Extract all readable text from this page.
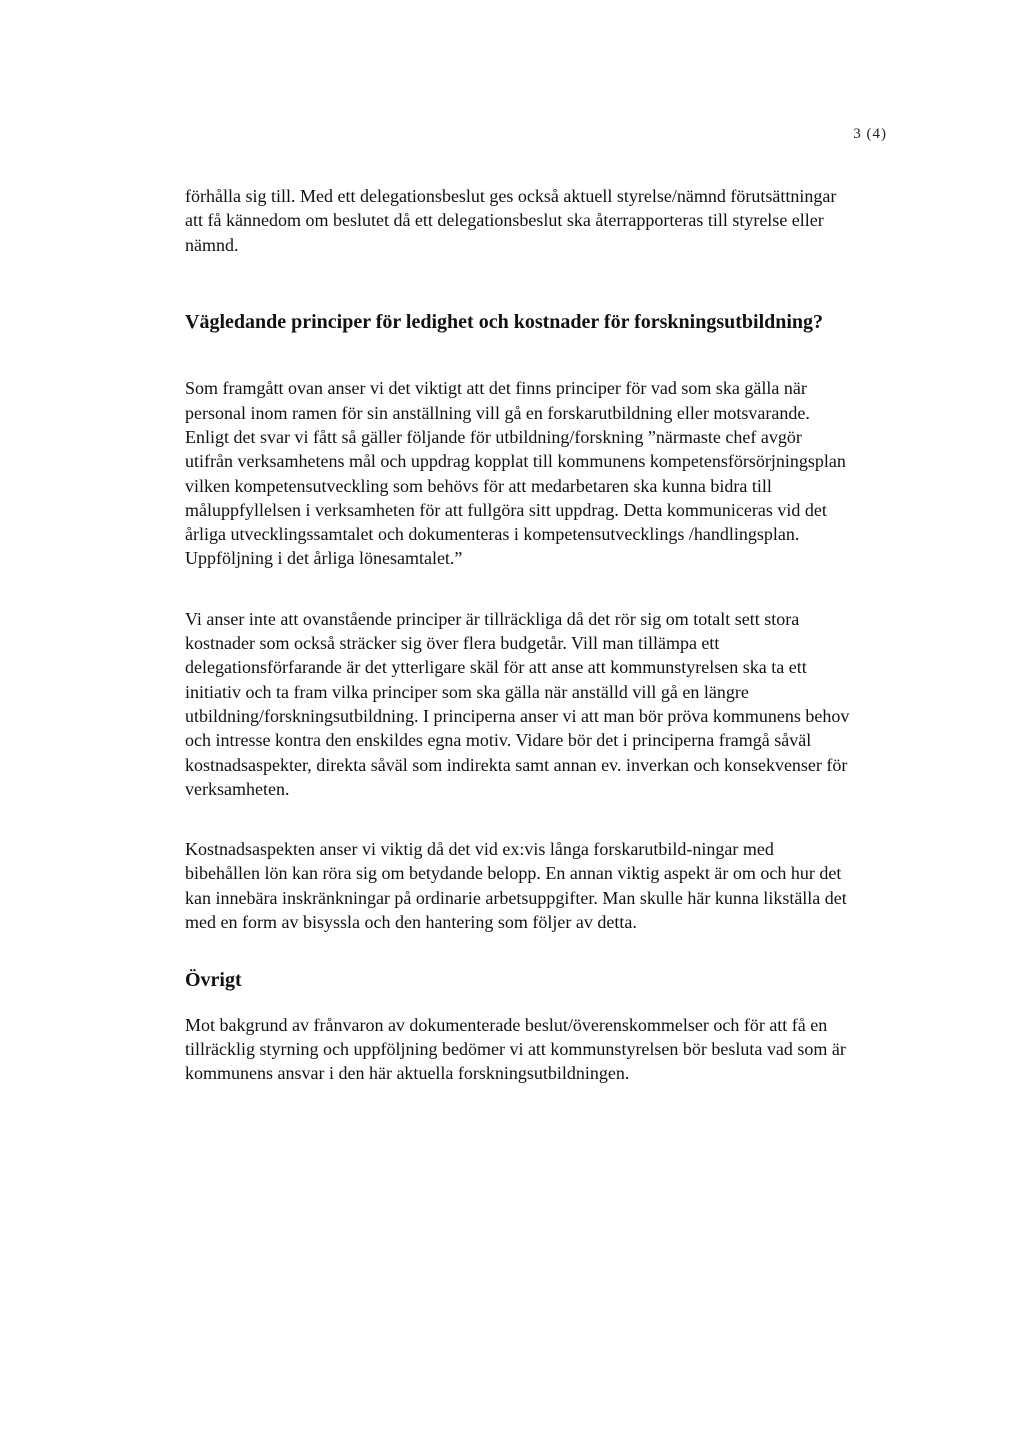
3 (4)

förhålla sig till. Med ett delegationsbeslut ges också aktuell styrelse/nämnd förutsättningar att få kännedom om beslutet då ett delegationsbeslut ska återrapporteras till styrelse eller nämnd.

Vägledande principer för ledighet och kostnader för forskningsutbildning?

Som framgått ovan anser vi det viktigt att det finns principer för vad som ska gälla när personal inom ramen för sin anställning vill gå en forskarutbildning eller motsvarande. Enligt det svar vi fått så gäller följande för utbildning/forskning ”närmaste chef avgör utifrån verksamhetens mål och uppdrag kopplat till kommunens kompetensförsörjningsplan vilken kompetensutveckling som behövs för att medarbetaren ska kunna bidra till måluppfyllelsen i verksamheten för att fullgöra sitt uppdrag. Detta kommuniceras vid det årliga utvecklingssamtalet och dokumenteras i kompetensutvecklings /handlingsplan. Uppföljning i det årliga lönesamtalet.”

Vi anser inte att ovanstående principer är tillräckliga då det rör sig om totalt sett stora kostnader som också sträcker sig över flera budgetår. Vill man tillämpa ett delegationsförfarande är det ytterligare skäl för att anse att kommunstyrelsen ska ta ett initiativ och ta fram vilka principer som ska gälla när anställd vill gå en längre utbildning/forskningsutbildning. I principerna anser vi att man bör pröva kommunens behov och intresse kontra den enskildes egna motiv. Vidare bör det i principerna framgå såväl kostnadsaspekter, direkta såväl som indirekta samt annan ev. inverkan och konsekvenser för verksamheten.

Kostnadsaspekten anser vi viktig då det vid ex:vis långa forskarutbild-ningar med bibehållen lön kan röra sig om betydande belopp. En annan viktig aspekt är om och hur det kan innebära inskränkningar på ordinarie arbetsuppgifter. Man skulle här kunna likställa det med en form av bisyssla och den hantering som följer av detta.

Övrigt

Mot bakgrund av frånvaron av dokumenterade beslut/överenskommelser och för att få en tillräcklig styrning och uppföljning bedömer vi att kommunstyrelsen bör besluta vad som är kommunens ansvar i den här aktuella forskningsutbildningen.
